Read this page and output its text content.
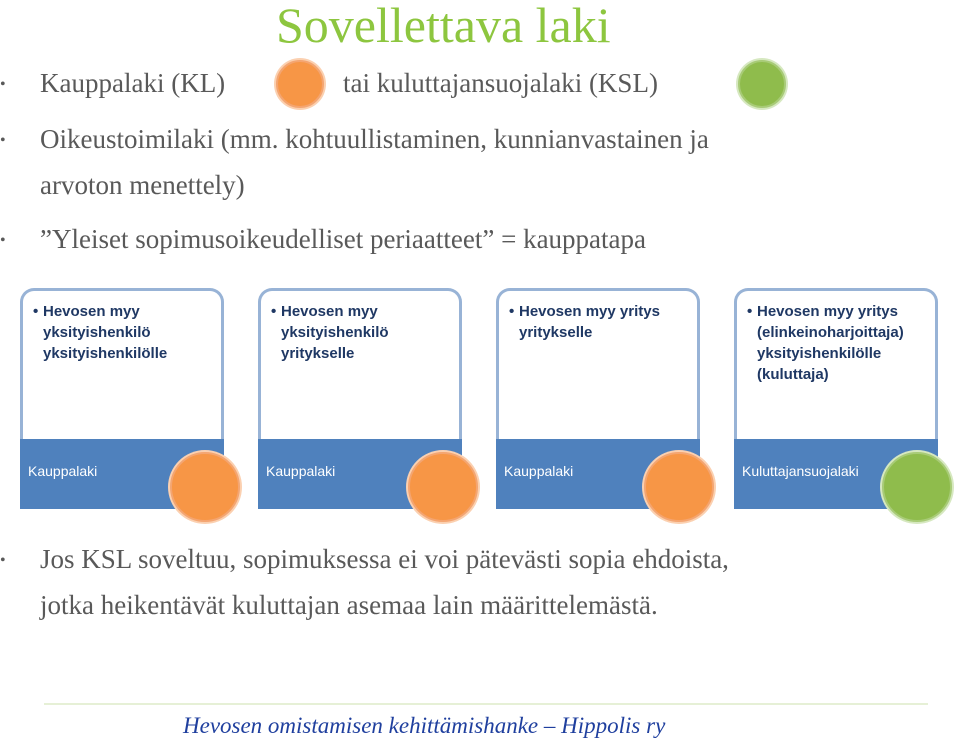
Sovellettava laki
• Kauppalaki (KL)	tai kuluttajansuojalaki (KSL)
• Oikeustoimilaki (mm. kohtuullistaminen, kunnianvastainen ja
arvoton menettely)
• ”Yleiset sopimusoikeudelliset periaatteet” = kauppatapa
• Hevosen myy yksityishenkilö yksityishenkilölle
Kauppalaki
• Hevosen myy yksityishenkilö yritykselle
Kauppalaki
• Hevosen myy yritys yritykselle
Kauppalaki
• Hevosen myy yritys (elinkeinoharjoittaja) yksityishenkilölle (kuluttaja)
Kuluttajansuojalaki
• Jos KSL soveltuu, sopimuksessa ei voi pätevästi sopia ehdoista,
jotka heikentävät kuluttajan asemaa lain määrittelemästä.
Hevosen omistamisen kehittämishanke – Hippolis ry
